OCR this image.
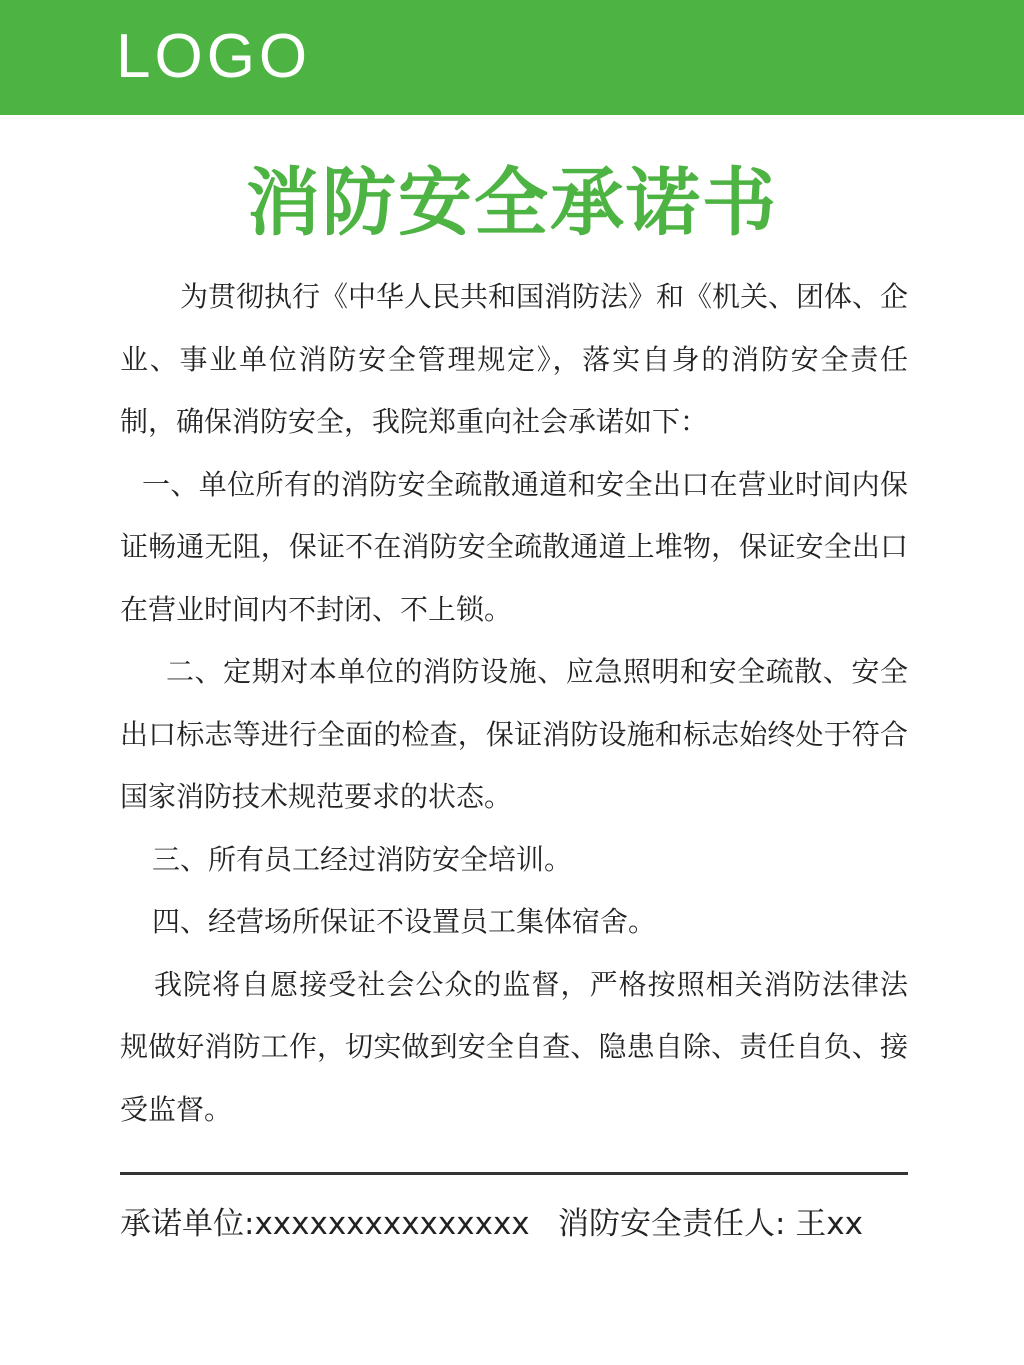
LOGO
消防安全承诺书

为贯彻执行《中华人民共和国消防法》和《机关、团体、企业、事业单位消防安全管理规定》，落实自身的消防安全责任制，确保消防安全，我院郑重向社会承诺如下：

一、单位所有的消防安全疏散通道和安全出口在营业时间内保证畅通无阻，保证不在消防安全疏散通道上堆物，保证安全出口在营业时间内不封闭、不上锁。

二、定期对本单位的消防设施、应急照明和安全疏散、安全出口标志等进行全面的检查，保证消防设施和标志始终处于符合国家消防技术规范要求的状态。

三、所有员工经过消防安全培训。

四、经营场所保证不设置员工集体宿舍。

我院将自愿接受社会公众的监督，严格按照相关消防法律法规做好消防工作，切实做到安全自查、隐患自除、责任自负、接受监督。

承诺单位:xxxxxxxxxxxxxxx 消防安全责任人: 王xx
